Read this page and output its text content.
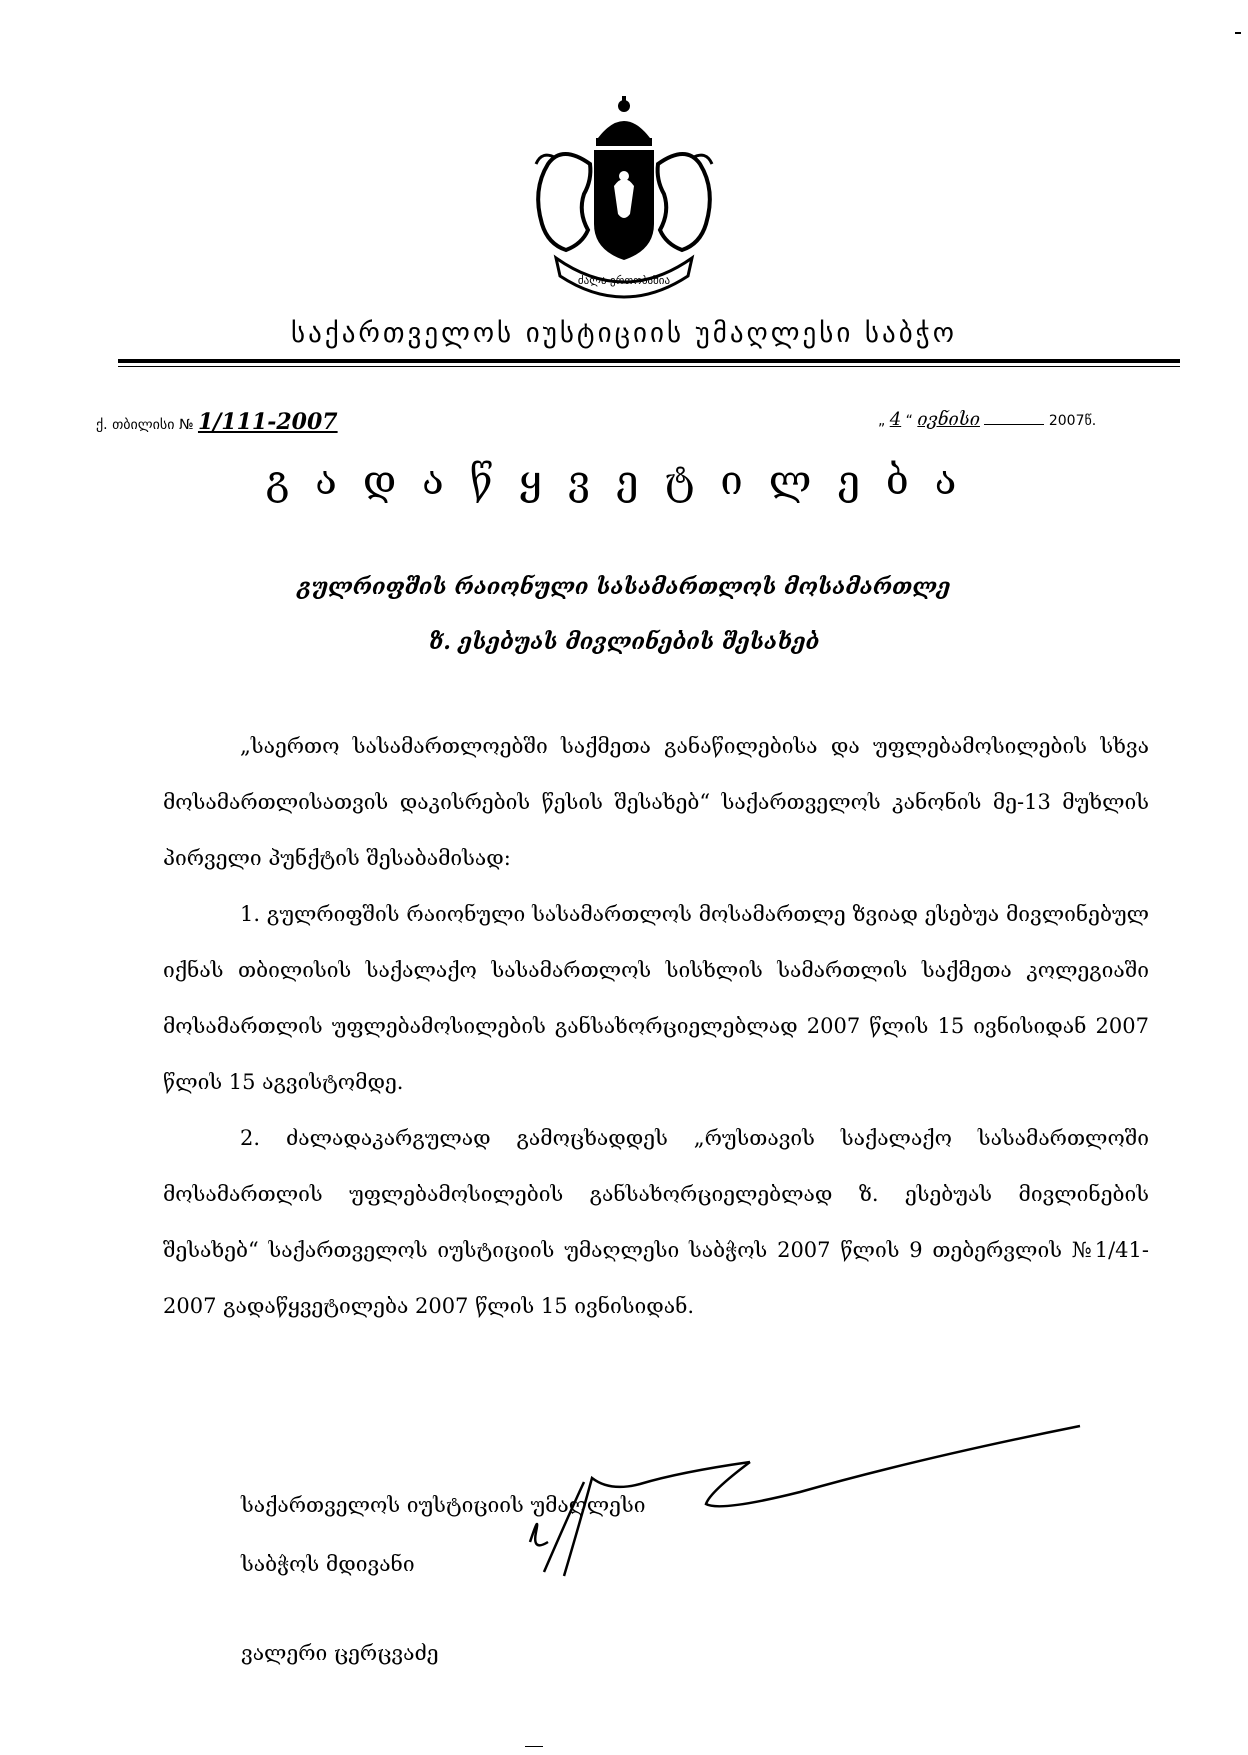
ძალა ერთობაშია
საქართველოს იუსტიციის უმაღლესი საბჭო
ქ. თბილისი № 1/111-2007	„ 4 “ ივნისი	2007წ.
გადაწყვეტილება
გულრიფშის რაიონული სასამართლოს მოსამართლე
ზ. ესებუას მივლინების შესახებ

„საერთო სასამართლოებში საქმეთა განაწილებისა და უფლებამოსილების სხვა მოსამართლისათვის დაკისრების წესის შესახებ“ საქართველოს კანონის მე-13 მუხლის პირველი პუნქტის შესაბამისად:

1. გულრიფშის რაიონული სასამართლოს მოსამართლე ზვიად ესებუა მივლინებულ იქნას თბილისის საქალაქო სასამართლოს სისხლის სამართლის საქმეთა კოლეგიაში მოსამართლის უფლებამოსილების განსახორციელებლად 2007 წლის 15 ივნისიდან 2007 წლის 15 აგვისტომდე.

2. ძალადაკარგულად გამოცხადდეს „რუსთავის საქალაქო სასამართლოში მოსამართლის უფლებამოსილების განსახორციელებლად ზ. ესებუას მივლინების შესახებ“ საქართველოს იუსტიციის უმაღლესი საბჭოს 2007 წლის 9 თებერვლის №1/41-2007 გადაწყვეტილება 2007 წლის 15 ივნისიდან.

ვალერი ცერცვაძე
საქართველოს იუსტიციის უმაღლესი
საბჭოს მდივანი
